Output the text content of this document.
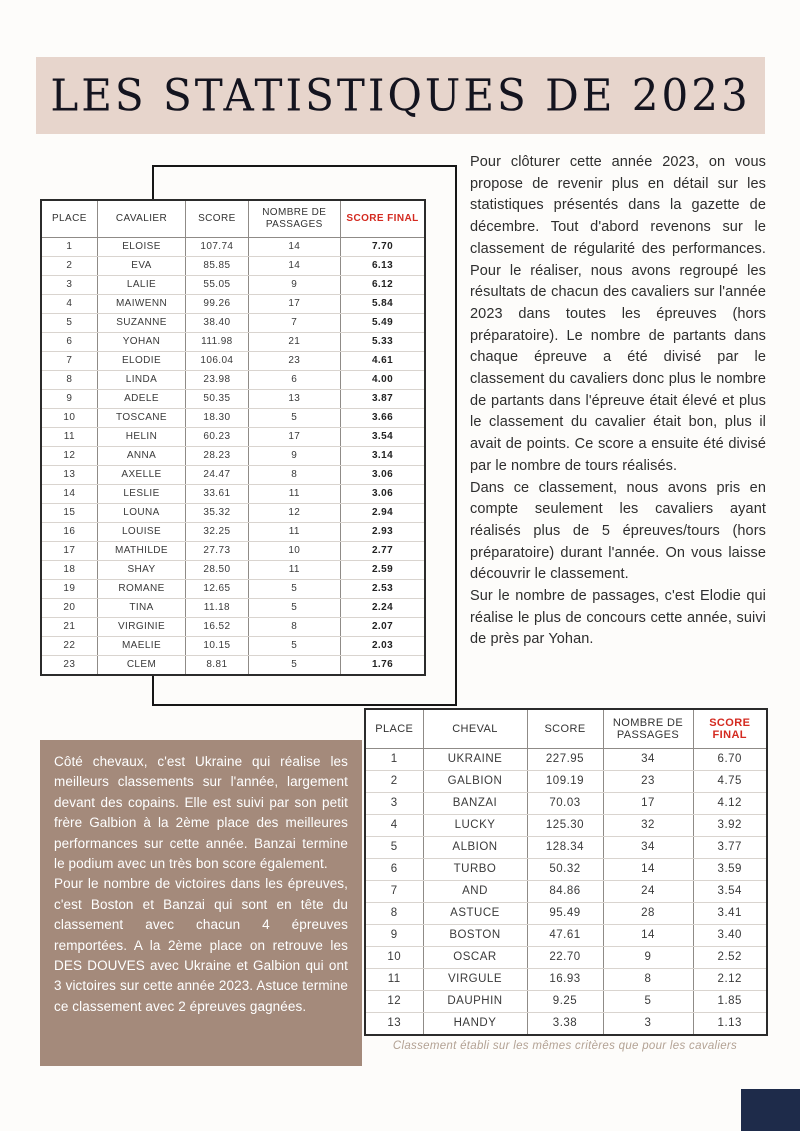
LES STATISTIQUES DE 2023
PLACE	CAVALIER	SCORE	NOMBRE DE PASSAGES	SCORE FINAL
1	ELOISE	107.74	14	7.70
2	EVA	85.85	14	6.13
3	LALIE	55.05	9	6.12
4	MAIWENN	99.26	17	5.84
5	SUZANNE	38.40	7	5.49
6	YOHAN	111.98	21	5.33
7	ELODIE	106.04	23	4.61
8	LINDA	23.98	6	4.00
9	ADELE	50.35	13	3.87
10	TOSCANE	18.30	5	3.66
11	HELIN	60.23	17	3.54
12	ANNA	28.23	9	3.14
13	AXELLE	24.47	8	3.06
14	LESLIE	33.61	11	3.06
15	LOUNA	35.32	12	2.94
16	LOUISE	32.25	11	2.93
17	MATHILDE	27.73	10	2.77
18	SHAY	28.50	11	2.59
19	ROMANE	12.65	5	2.53
20	TINA	11.18	5	2.24
21	VIRGINIE	16.52	8	2.07
22	MAELIE	10.15	5	2.03
23	CLEM	8.81	5	1.76

Pour clôturer cette année 2023, on vous propose de revenir plus en détail sur les statistiques présentés dans la gazette de décembre. Tout d'abord revenons sur le classement de régularité des performances. Pour le réaliser, nous avons regroupé les résultats de chacun des cavaliers sur l'année 2023 dans toutes les épreuves (hors préparatoire). Le nombre de partants dans chaque épreuve a été divisé par le classement du cavaliers donc plus le nombre de partants dans l'épreuve était élevé et plus le classement du cavalier était bon, plus il avait de points. Ce score a ensuite été divisé par le nombre de tours réalisés.

Dans ce classement, nous avons pris en compte seulement les cavaliers ayant réalisés plus de 5 épreuves/tours (hors préparatoire) durant l'année. On vous laisse découvrir le classement.

Sur le nombre de passages, c'est Elodie qui réalise le plus de concours cette année, suivi de près par Yohan.

Côté chevaux, c'est Ukraine qui réalise les meilleurs classements sur l'année, largement devant des copains. Elle est suivi par son petit frère Galbion à la 2ème place des meilleures performances sur cette année. Banzai termine le podium avec un très bon score également.

Pour le nombre de victoires dans les épreuves, c'est Boston et Banzai qui sont en tête du classement avec chacun 4 épreuves remportées. A la 2ème place on retrouve les DES DOUVES avec Ukraine et Galbion qui ont 3 victoires sur cette année 2023. Astuce termine ce classement avec 2 épreuves gagnées.

PLACE	CHEVAL	SCORE	NOMBRE DE PASSAGES	SCORE FINAL
1	UKRAINE	227.95	34	6.70
2	GALBION	109.19	23	4.75
3	BANZAI	70.03	17	4.12
4	LUCKY	125.30	32	3.92
5	ALBION	128.34	34	3.77
6	TURBO	50.32	14	3.59
7	AND	84.86	24	3.54
8	ASTUCE	95.49	28	3.41
9	BOSTON	47.61	14	3.40
10	OSCAR	22.70	9	2.52
11	VIRGULE	16.93	8	2.12
12	DAUPHIN	9.25	5	1.85
13	HANDY	3.38	3	1.13
Classement établi sur les mêmes critères que pour les cavaliers
